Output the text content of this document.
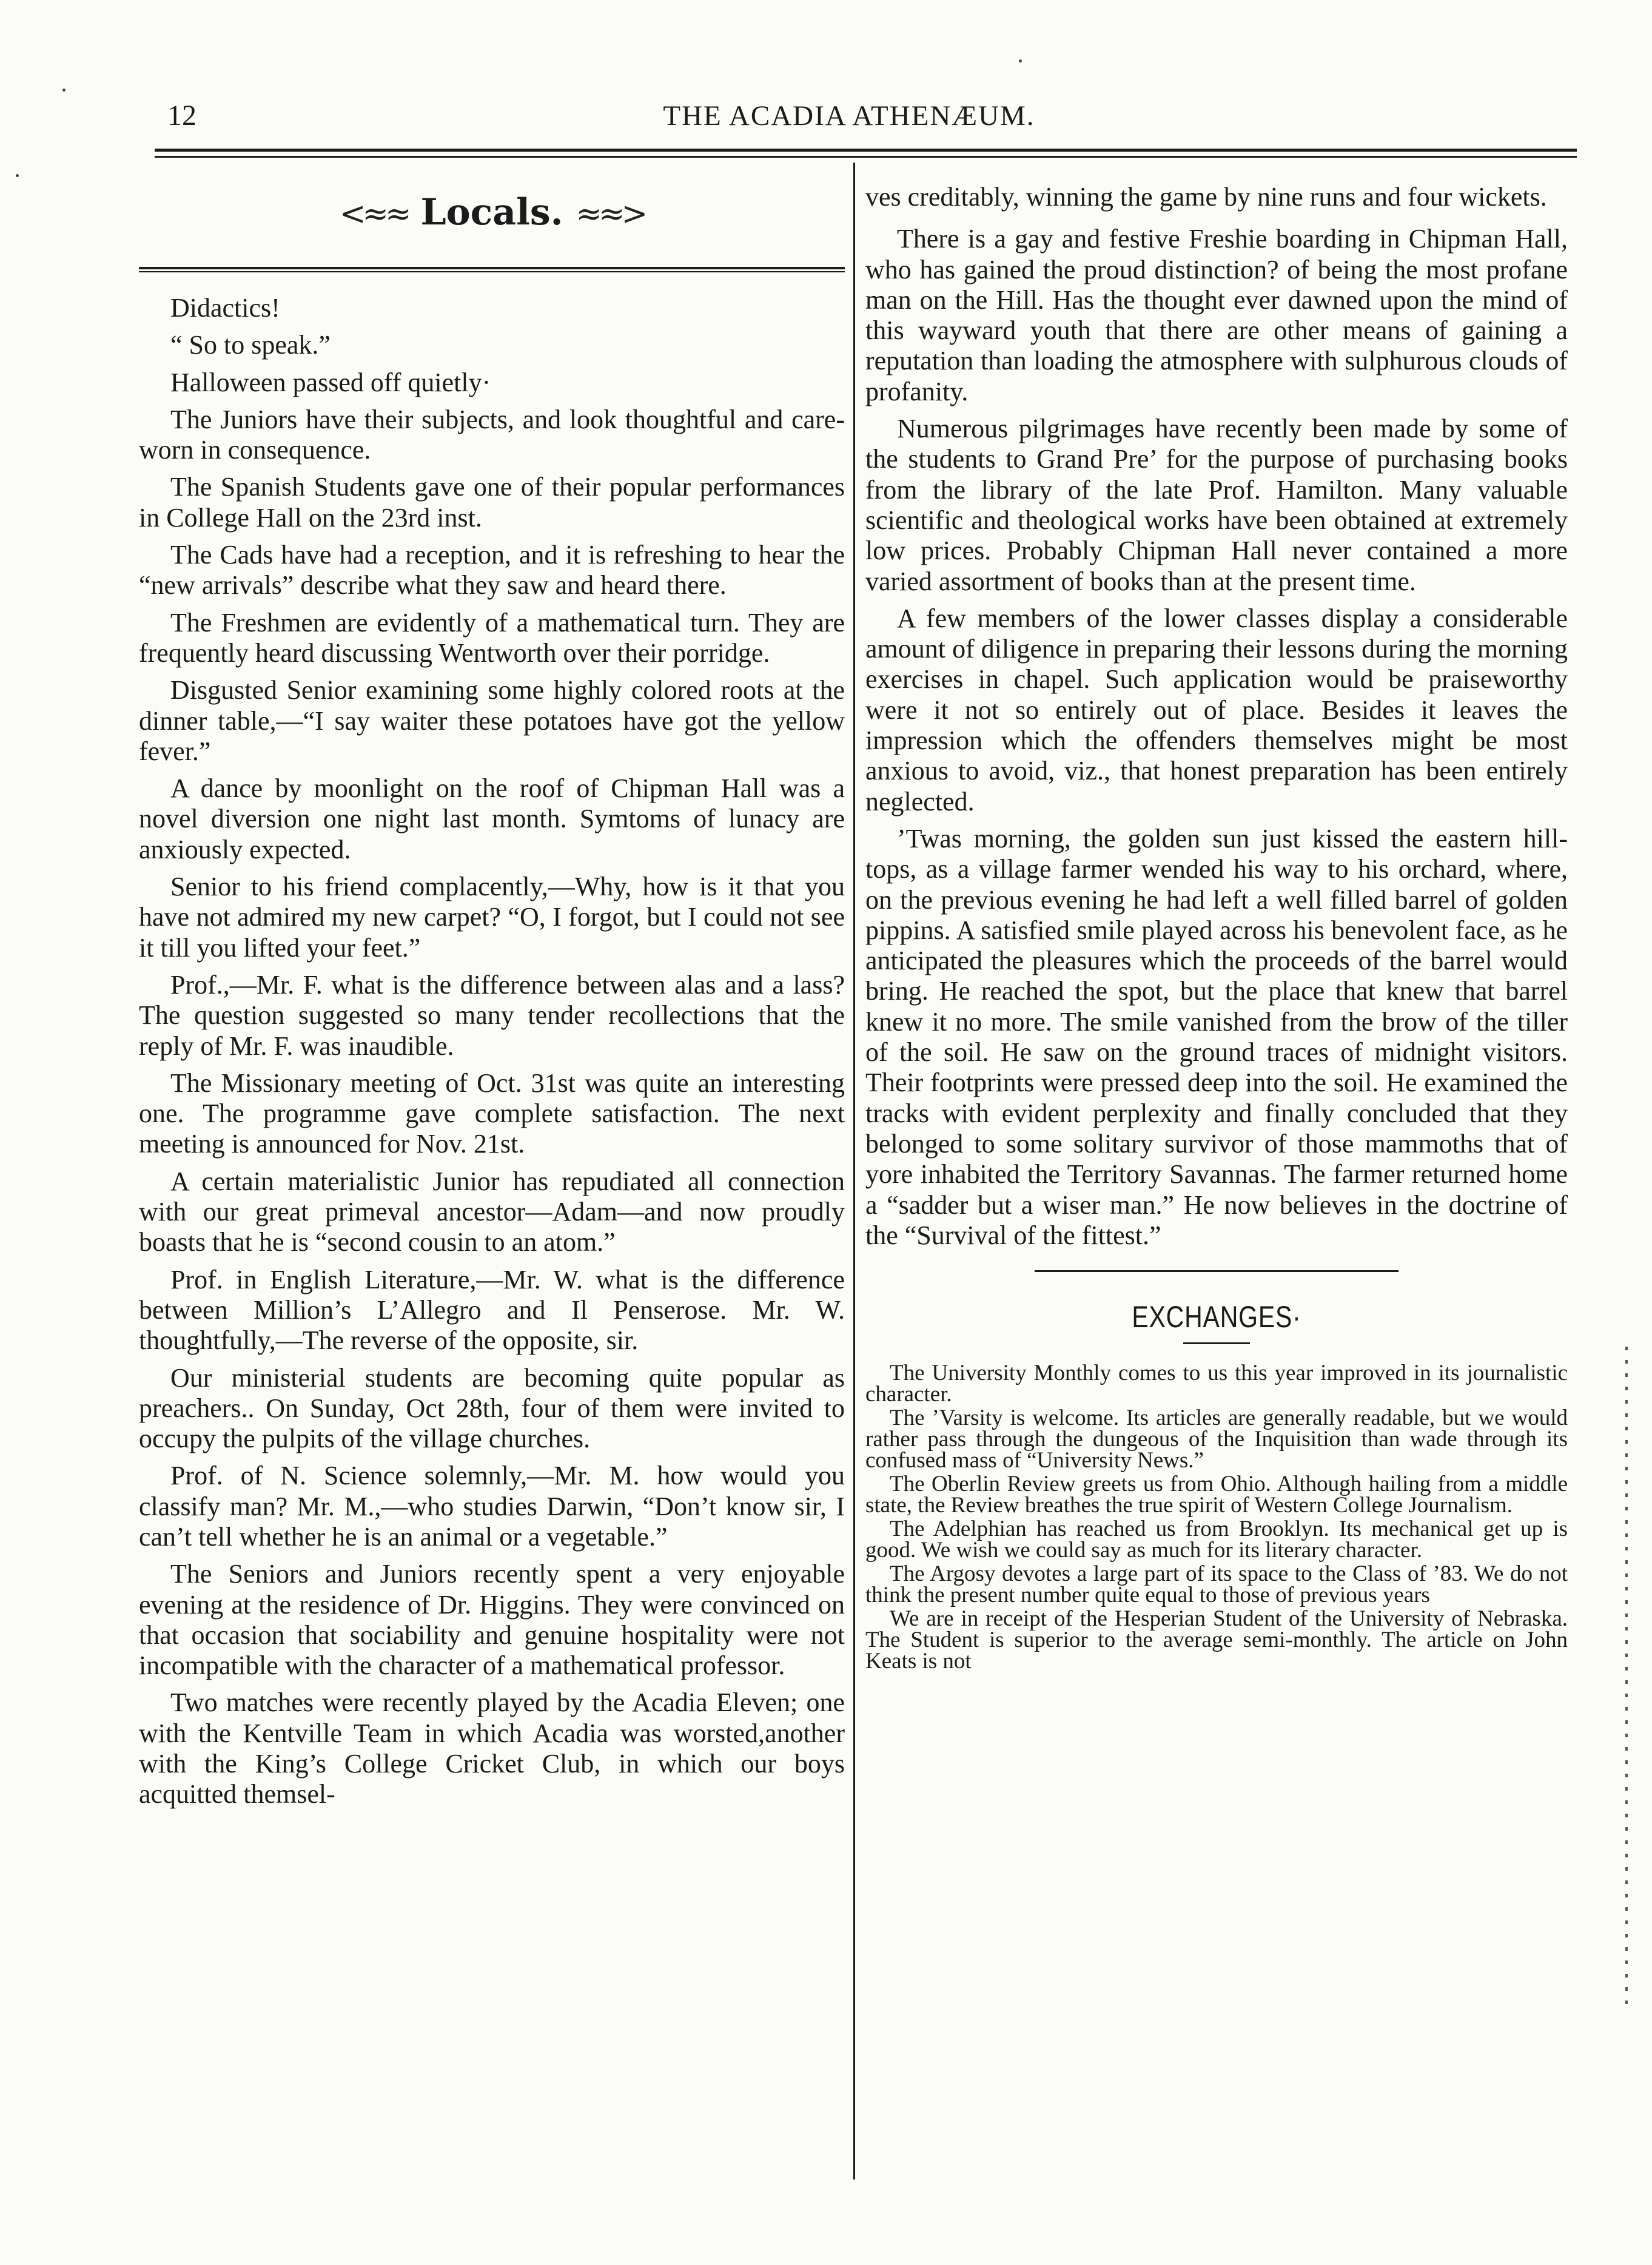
12	THE ACADIA ATHENÆUM.
<≈≈ Locals. ≈≈>

Didactics!

“ So to speak.”

Halloween passed off quietly·

The Juniors have their subjects, and look thoughtful and care-worn in consequence.

The Spanish Students gave one of their popular performances in College Hall on the 23rd inst.

The Cads have had a reception, and it is refreshing to hear the “new arrivals” describe what they saw and heard there.

The Freshmen are evidently of a mathematical turn. They are frequently heard discussing Wentworth over their porridge.

Disgusted Senior examining some highly colored roots at the dinner table,—“I say waiter these potatoes have got the yellow fever.”

A dance by moonlight on the roof of Chipman Hall was a novel diversion one night last month. Symtoms of lunacy are anxiously expected.

Senior to his friend complacently,—Why, how is it that you have not admired my new carpet? “O, I forgot, but I could not see it till you lifted your feet.”

Prof.,—Mr. F. what is the difference between alas and a lass? The question suggested so many tender recollections that the reply of Mr. F. was inaudible.

The Missionary meeting of Oct. 31st was quite an interesting one. The programme gave complete satisfaction. The next meeting is announced for Nov. 21st.

A certain materialistic Junior has repudiated all connection with our great primeval ancestor—Adam—and now proudly boasts that he is “second cousin to an atom.”

Prof. in English Literature,—Mr. W. what is the difference between Million’s L’Allegro and Il Penserose. Mr. W. thoughtfully,—The reverse of the opposite, sir.

Our ministerial students are becoming quite popular as preachers.. On Sunday, Oct 28th, four of them were invited to occupy the pulpits of the village churches.

Prof. of N. Science solemnly,—Mr. M. how would you classify man? Mr. M.,—who studies Darwin, “Don’t know sir, I can’t tell whether he is an animal or a vegetable.”

The Seniors and Juniors recently spent a very enjoyable evening at the residence of Dr. Higgins. They were convinced on that occasion that sociability and genuine hospitality were not incompatible with the character of a mathematical professor.

Two matches were recently played by the Acadia Eleven; one with the Kentville Team in which Acadia was worsted,another with the King’s College Cricket Club, in which our boys acquitted themsel-

ves creditably, winning the game by nine runs and four wickets.

There is a gay and festive Freshie boarding in Chipman Hall, who has gained the proud distinction? of being the most profane man on the Hill. Has the thought ever dawned upon the mind of this wayward youth that there are other means of gaining a reputation than loading the atmosphere with sulphurous clouds of profanity.

Numerous pilgrimages have recently been made by some of the students to Grand Pre’ for the purpose of purchasing books from the library of the late Prof. Hamilton. Many valuable scientific and theological works have been obtained at extremely low prices. Probably Chipman Hall never contained a more varied assortment of books than at the present time.

A few members of the lower classes display a considerable amount of diligence in preparing their lessons during the morning exercises in chapel. Such application would be praiseworthy were it not so entirely out of place. Besides it leaves the impression which the offenders themselves might be most anxious to avoid, viz., that honest preparation has been entirely neglected.

’Twas morning, the golden sun just kissed the eastern hill-tops, as a village farmer wended his way to his orchard, where, on the previous evening he had left a well filled barrel of golden pippins. A satisfied smile played across his benevolent face, as he anticipated the pleasures which the proceeds of the barrel would bring. He reached the spot, but the place that knew that barrel knew it no more. The smile vanished from the brow of the tiller of the soil. He saw on the ground traces of midnight visitors. Their footprints were pressed deep into the soil. He examined the tracks with evident perplexity and finally concluded that they belonged to some solitary survivor of those mammoths that of yore inhabited the Territory Savannas. The farmer returned home a “sadder but a wiser man.” He now believes in the doctrine of the “Survival of the fittest.”

EXCHANGES·

The University Monthly comes to us this year improved in its journalistic character.

The ’Varsity is welcome. Its articles are generally readable, but we would rather pass through the dungeous of the Inquisition than wade through its confused mass of “University News.”

The Oberlin Review greets us from Ohio. Although hailing from a middle state, the Review breathes the true spirit of Western College Journalism.

The Adelphian has reached us from Brooklyn. Its mechanical get up is good. We wish we could say as much for its literary character.

The Argosy devotes a large part of its space to the Class of ’83. We do not think the present number quite equal to those of previous years

We are in receipt of the Hesperian Student of the University of Nebraska. The Student is superior to the average semi-monthly. The article on John Keats is not
